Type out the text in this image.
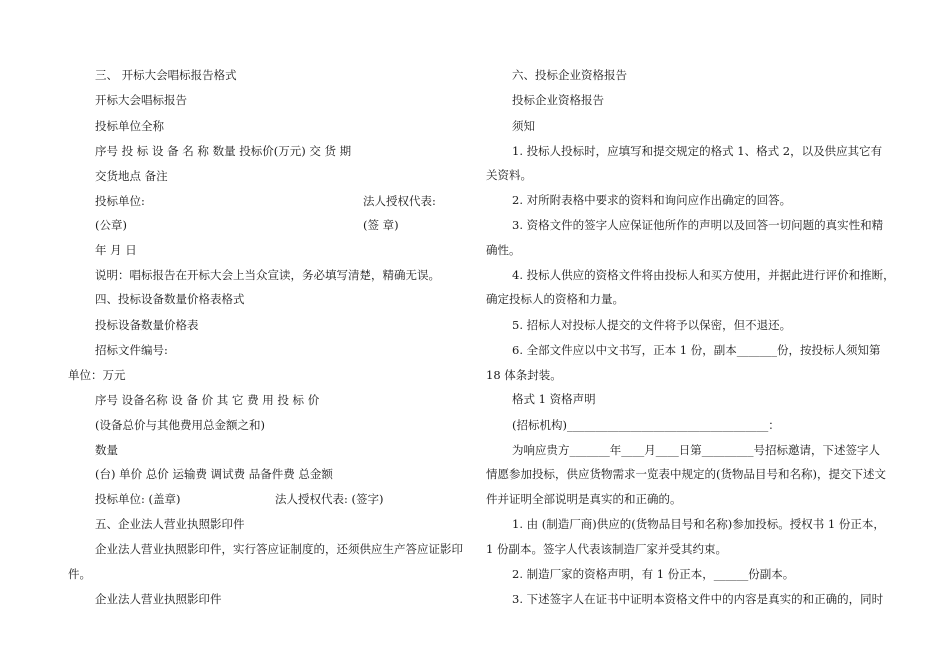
三、 开标大会唱标报告格式
开标大会唱标报告
投标单位全称
序号 投 标 设 备 名 称 数量 投标价(万元) 交 货 期
交货地点 备注
投标单位:	法人授权代表:
(公章)	(签 章)
年 月 日
说明：唱标报告在开标大会上当众宣读，务必填写清楚，精确无误。
四、投标设备数量价格表格式
投标设备数量价格表
招标文件编号:
单位：万元
序号 设备名称 设 备 价 其 它 费 用 投 标 价
(设备总价与其他费用总金额之和)
数量
(台) 单价 总价 运输费 调试费 品备件费 总金额
投标单位: (盖章)	法人授权代表: (签字)
五、企业法人营业执照影印件
企业法人营业执照影印件，实行答应证制度的，还须供应生产答应证影印
件。
企业法人营业执照影印件
六、投标企业资格报告
投标企业资格报告
须知
1. 投标人投标时，应填写和提交规定的格式 1、格式 2，以及供应其它有
关资料。
2. 对所附表格中要求的资料和询问应作出确定的回答。
3. 资格文件的签字人应保证他所作的声明以及回答一切问题的真实性和精
确性。
4. 投标人供应的资格文件将由投标人和买方使用，并据此进行评价和推断，
确定投标人的资格和力量。
5. 招标人对投标人提交的文件将予以保密，但不退还。
6. 全部文件应以中文书写，正本 1 份，副本_______份，按投标人须知第
18 体条封装。
格式 1 资格声明
(招标机构)___________________________________：
为响应贵方_______年____月____日第_________号招标邀请，下述签字人
情愿参加投标，供应货物需求一览表中规定的(货物品目号和名称)，提交下述文
件并证明全部说明是真实的和正确的。
1. 由 (制造厂商)供应的(货物品目号和名称)参加投标。授权书 1 份正本，
1 份副本。签字人代表该制造厂家并受其约束。
2. 制造厂家的资格声明，有 1 份正本，______份副本。
3. 下述签字人在证书中证明本资格文件中的内容是真实的和正确的，同时
